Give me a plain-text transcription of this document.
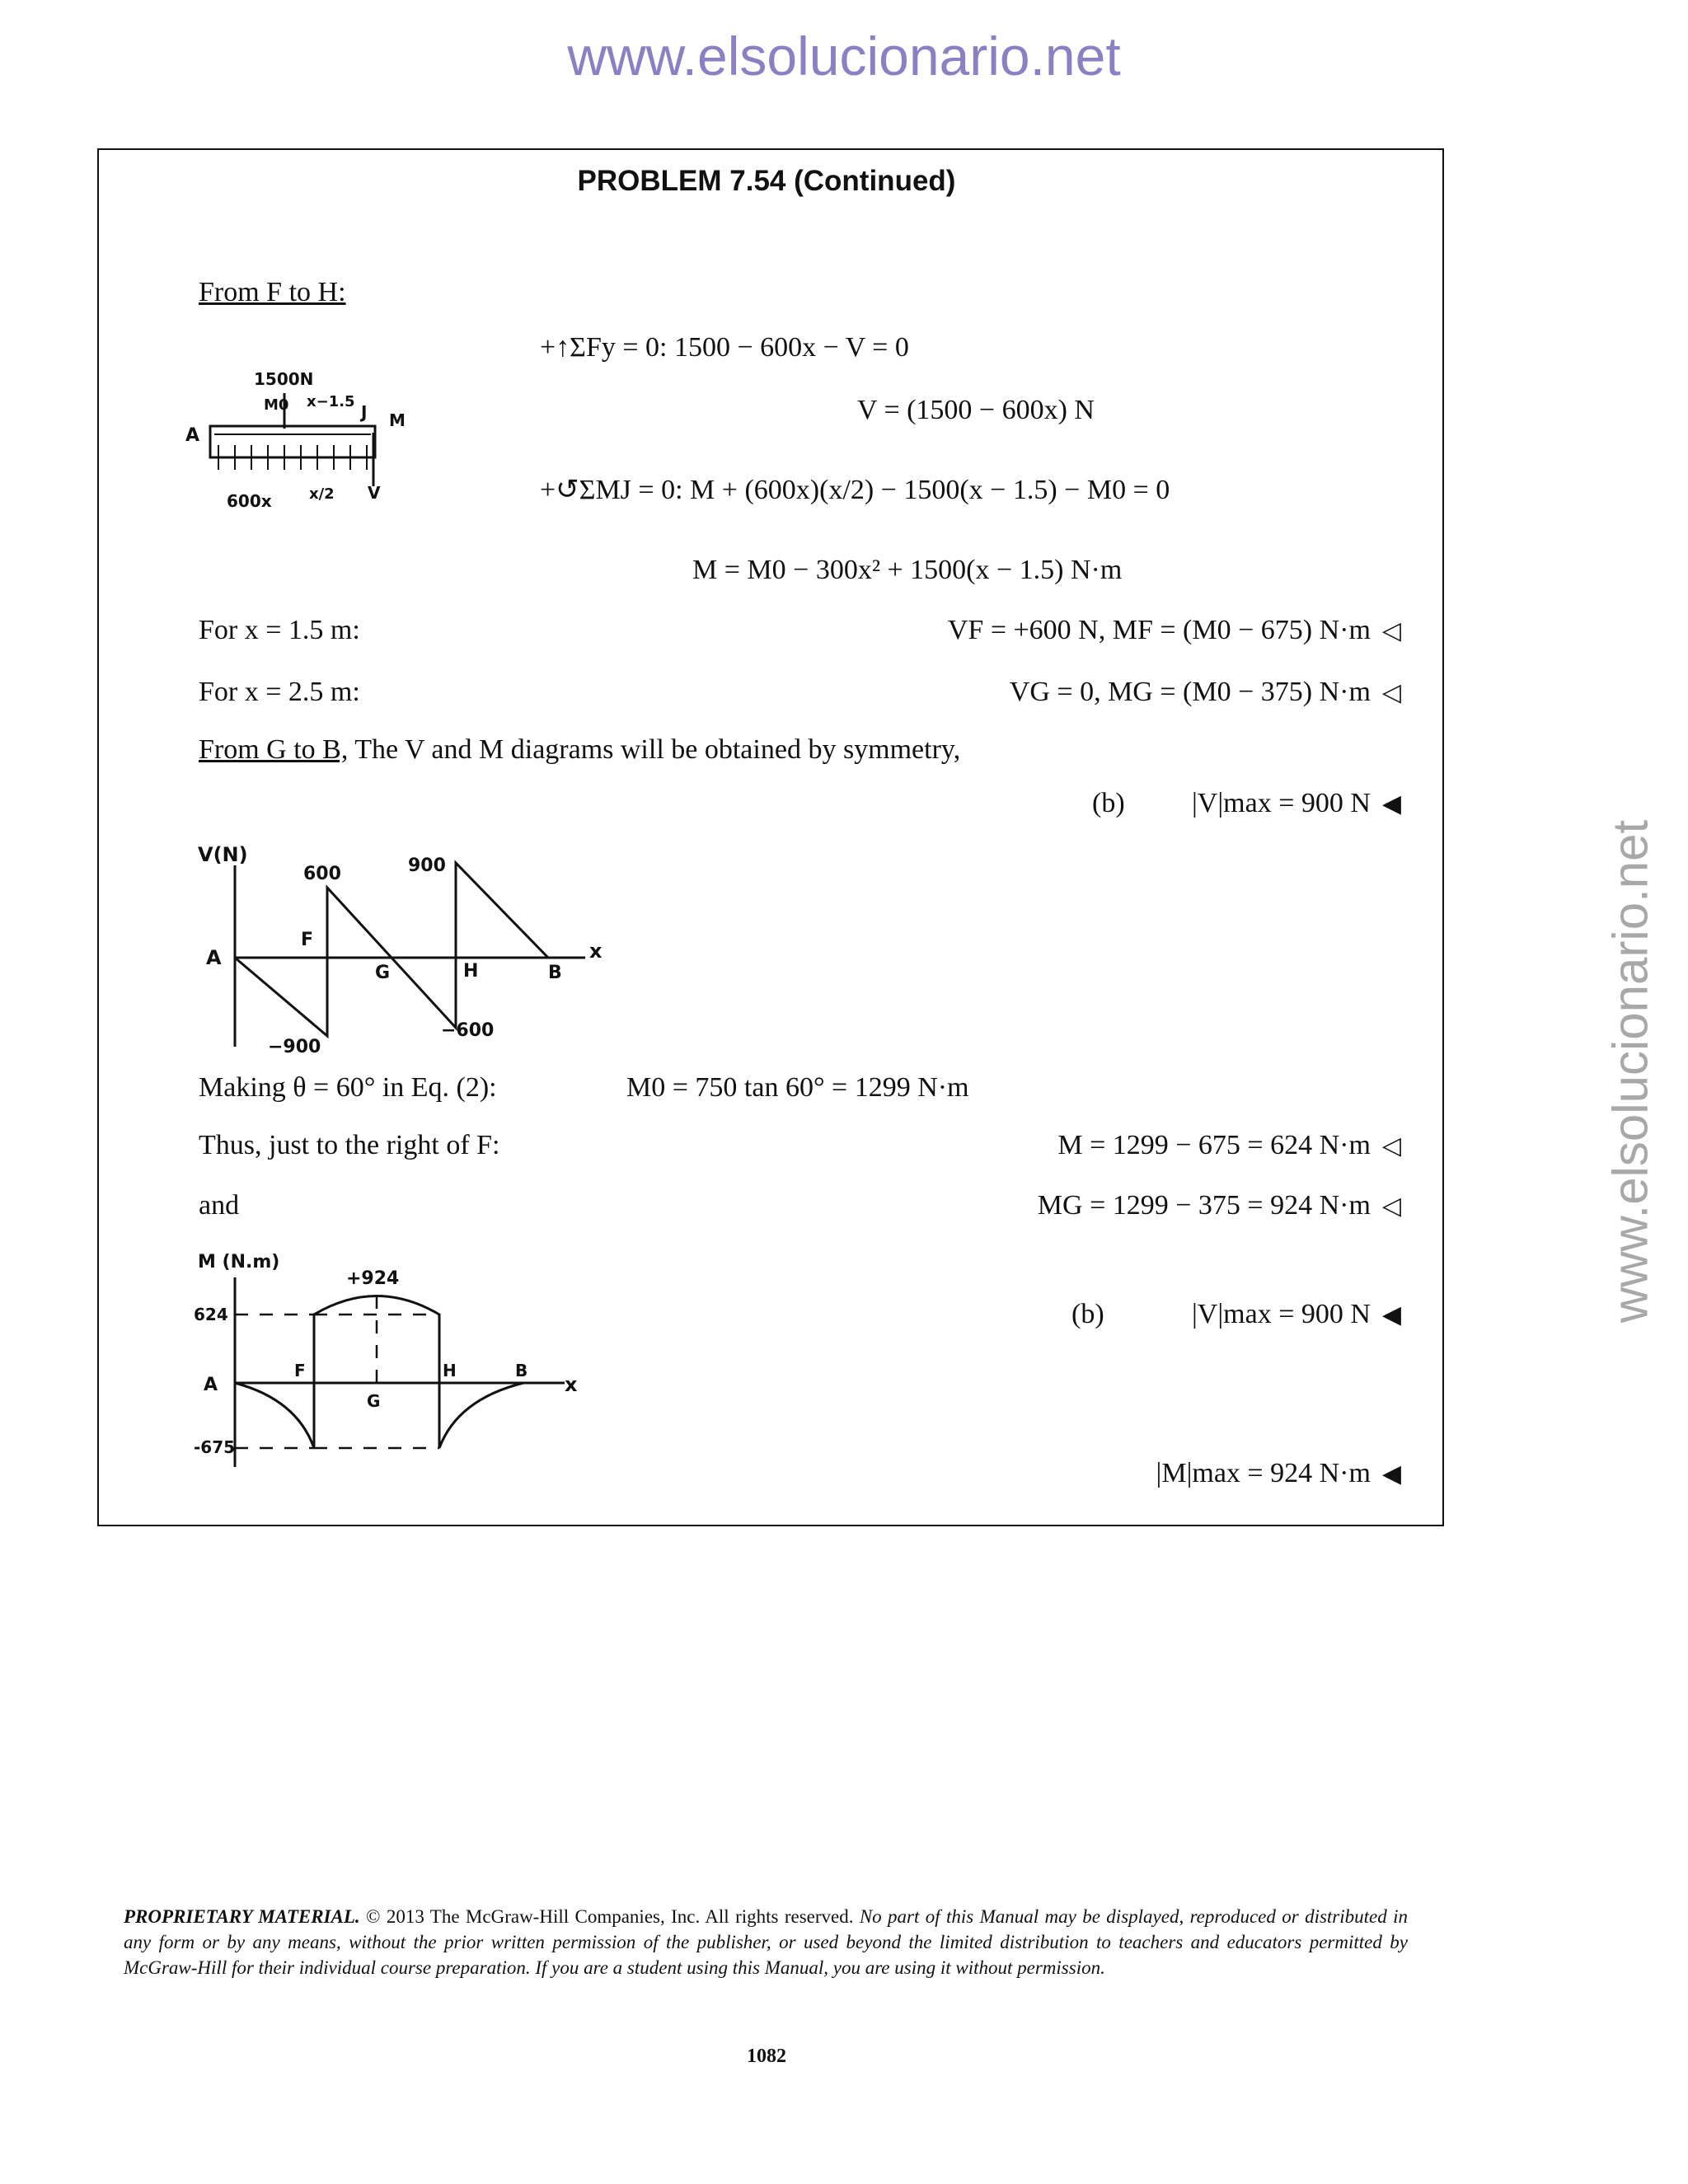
www.elsolucionario.net
www.elsolucionario.net
PROBLEM 7.54 (Continued)
From F to H:
1500N
M0 x−1.5
J M
A
V
600x	x/2
+↑ΣFy = 0: 1500 − 600x − V = 0
V = (1500 − 600x) N
+↺ΣMJ = 0: M + (600x)(x/2) − 1500(x − 1.5) − M0 = 0
M = M0 − 300x² + 1500(x − 1.5) N·m
For x = 1.5 m:	VF = +600 N, MF = (M0 − 675) N·m ◁
For x = 2.5 m:	VG = 0, MG = (M0 − 375) N·m ◁
From G to B, The V and M diagrams will be obtained by symmetry,
(b)	|V|max = 900 N ◀
V(N)
x
A
F
G	H	B
600	900
−900
−600
Making θ = 60° in Eq. (2):	M0 = 750 tan 60° = 1299 N·m
Thus, just to the right of F:	M = 1299 − 675 = 624 N·m ◁
and	MG = 1299 − 375 = 924 N·m ◁
M (N.m)
x
A
F
G
H	B
624
-675
+924
(b)	|V|max = 900 N ◀
|M|max = 924 N·m ◀
PROPRIETARY MATERIAL. © 2013 The McGraw-Hill Companies, Inc. All rights reserved. No part of this Manual may be displayed, reproduced or distributed in any form or by any means, without the prior written permission of the publisher, or used beyond the limited distribution to teachers and educators permitted by McGraw-Hill for their individual course preparation. If you are a student using this Manual, you are using it without permission.
1082
